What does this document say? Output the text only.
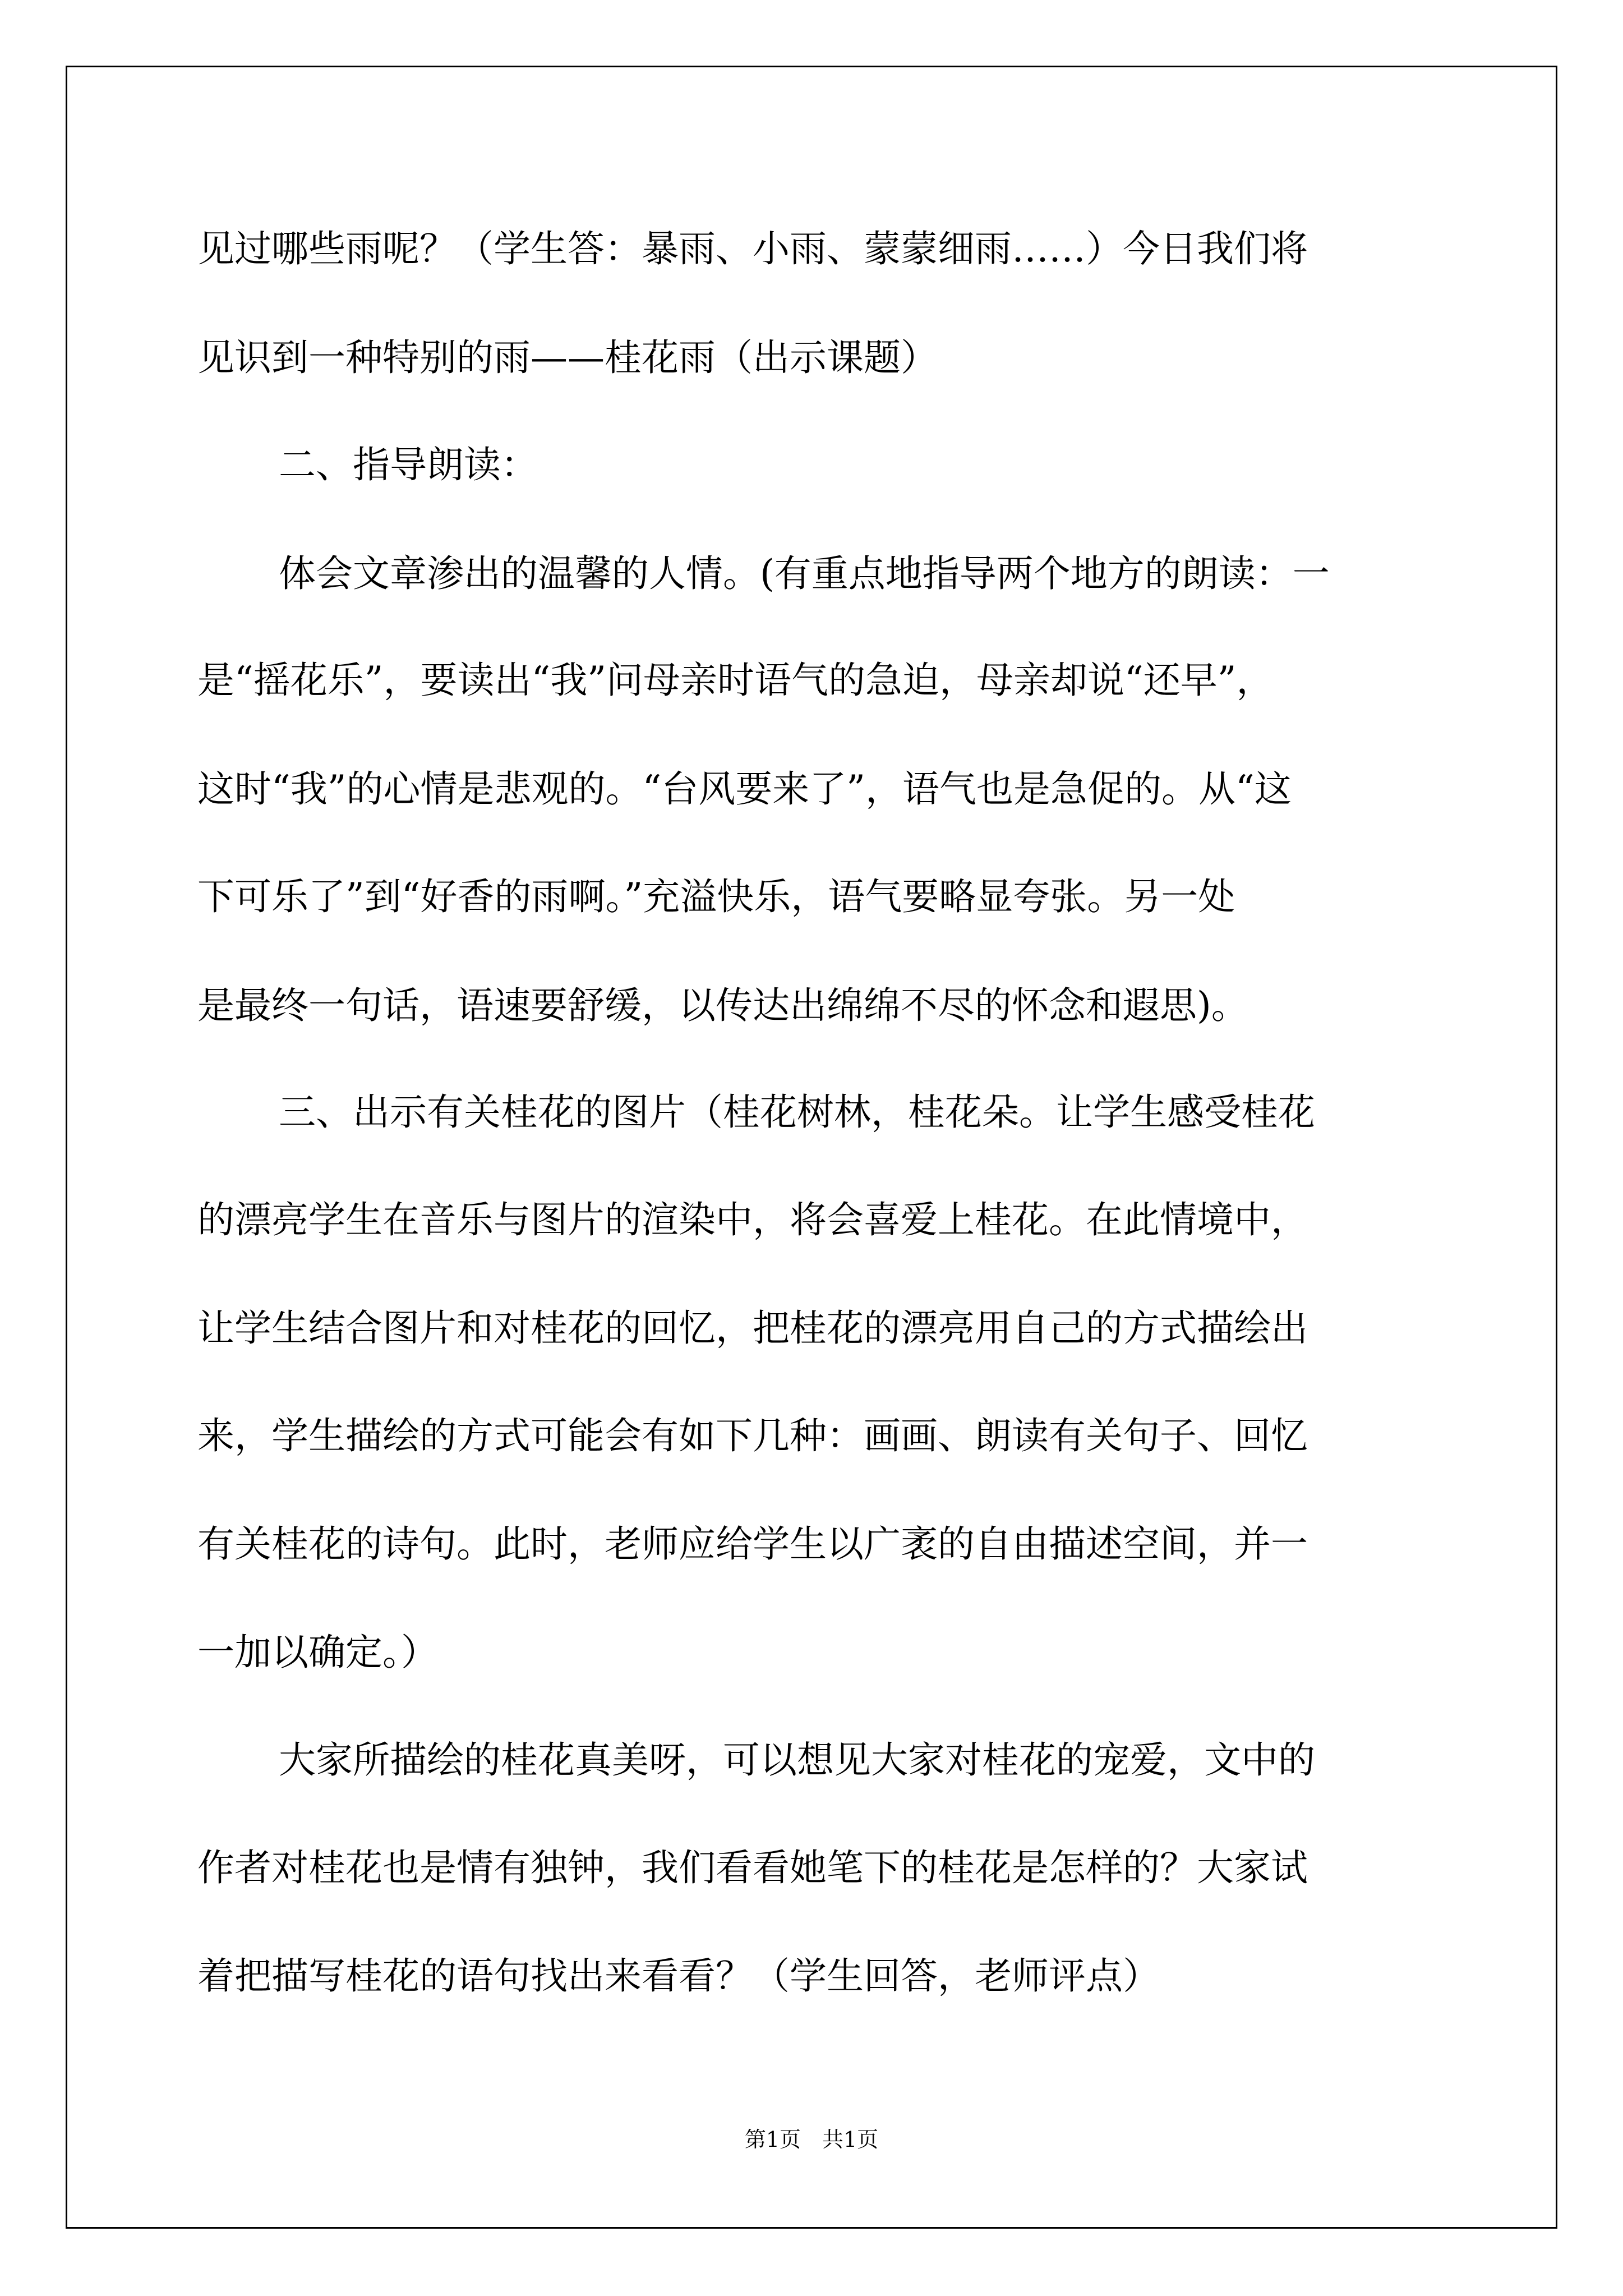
见过哪些雨呢？（学生答：暴雨、小雨、蒙蒙细雨……）今日我们将

见识到一种特别的雨——桂花雨（出示课题）

二、指导朗读：

体会文章渗出的温馨的人情。(有重点地指导两个地方的朗读：一

是“摇花乐”，要读出“我”问母亲时语气的急迫，母亲却说“还早”，

这时“我”的心情是悲观的。“台风要来了”，语气也是急促的。从“这

下可乐了”到“好香的雨啊。”充溢快乐，语气要略显夸张。另一处

是最终一句话，语速要舒缓，以传达出绵绵不尽的怀念和遐思)。

三、出示有关桂花的图片（桂花树林，桂花朵。让学生感受桂花

的漂亮学生在音乐与图片的渲染中，将会喜爱上桂花。在此情境中，

让学生结合图片和对桂花的回忆，把桂花的漂亮用自己的方式描绘出

来，学生描绘的方式可能会有如下几种：画画、朗读有关句子、回忆

有关桂花的诗句。此时，老师应给学生以广袤的自由描述空间，并一

一加以确定。）

大家所描绘的桂花真美呀，可以想见大家对桂花的宠爱，文中的

作者对桂花也是情有独钟，我们看看她笔下的桂花是怎样的？大家试

着把描写桂花的语句找出来看看？（学生回答，老师评点）

第1页　共1页
